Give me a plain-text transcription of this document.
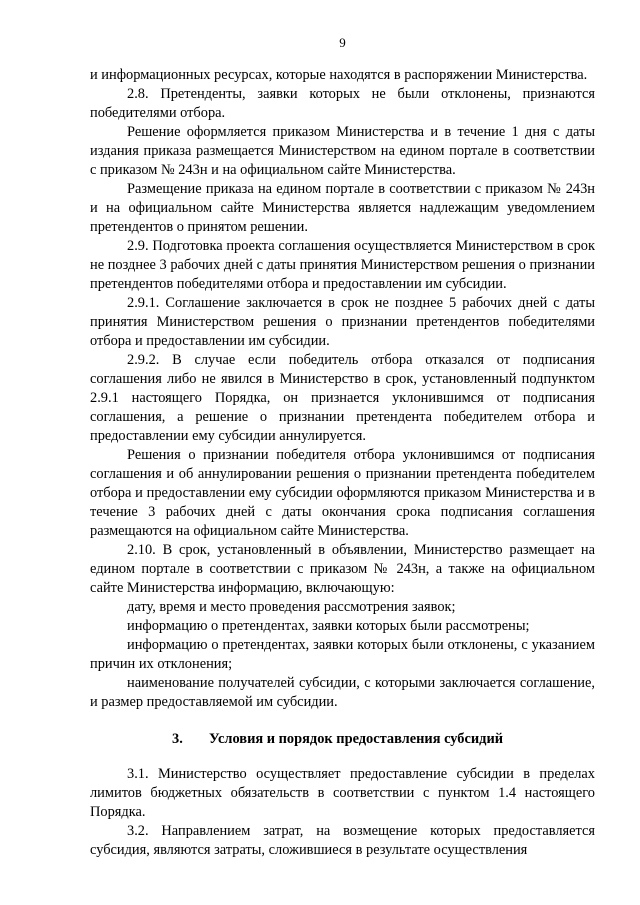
9

и информационных ресурсах, которые находятся в распоряжении Министерства.

2.8. Претенденты, заявки которых не были отклонены, признаются победителями отбора.

Решение оформляется приказом Министерства и в течение 1 дня с даты издания приказа размещается Министерством на едином портале в соответствии с приказом № 243н и на официальном сайте Министерства.

Размещение приказа на едином портале в соответствии с приказом № 243н и на официальном сайте Министерства является надлежащим уведомлением претендентов о принятом решении.

2.9. Подготовка проекта соглашения осуществляется Министерством в срок не позднее 3 рабочих дней с даты принятия Министерством решения о признании претендентов победителями отбора и предоставлении им субсидии.

2.9.1. Соглашение заключается в срок не позднее 5 рабочих дней с даты принятия Министерством решения о признании претендентов победителями отбора и предоставлении им субсидии.

2.9.2. В случае если победитель отбора отказался от подписания соглашения либо не явился в Министерство в срок, установленный подпунктом 2.9.1 настоящего Порядка, он признается уклонившимся от подписания соглашения, а решение о признании претендента победителем отбора и предоставлении ему субсидии аннулируется.

Решения о признании победителя отбора уклонившимся от подписания соглашения и об аннулировании решения о признании претендента победителем отбора и предоставлении ему субсидии оформляются приказом Министерства и в течение 3 рабочих дней с даты окончания срока подписания соглашения размещаются на официальном сайте Министерства.

2.10. В срок, установленный в объявлении, Министерство размещает на едином портале в соответствии с приказом № 243н, а также на официальном сайте Министерства информацию, включающую:

дату, время и место проведения рассмотрения заявок;

информацию о претендентах, заявки которых были рассмотрены;

информацию о претендентах, заявки которых были отклонены, с указанием причин их отклонения;

наименование получателей субсидии, с которыми заключается соглашение, и размер предоставляемой им субсидии.

3. Условия и порядок предоставления субсидий

3.1. Министерство осуществляет предоставление субсидии в пределах лимитов бюджетных обязательств в соответствии с пунктом 1.4 настоящего Порядка.

3.2. Направлением затрат, на возмещение которых предоставляется субсидия, являются затраты, сложившиеся в результате осуществления
